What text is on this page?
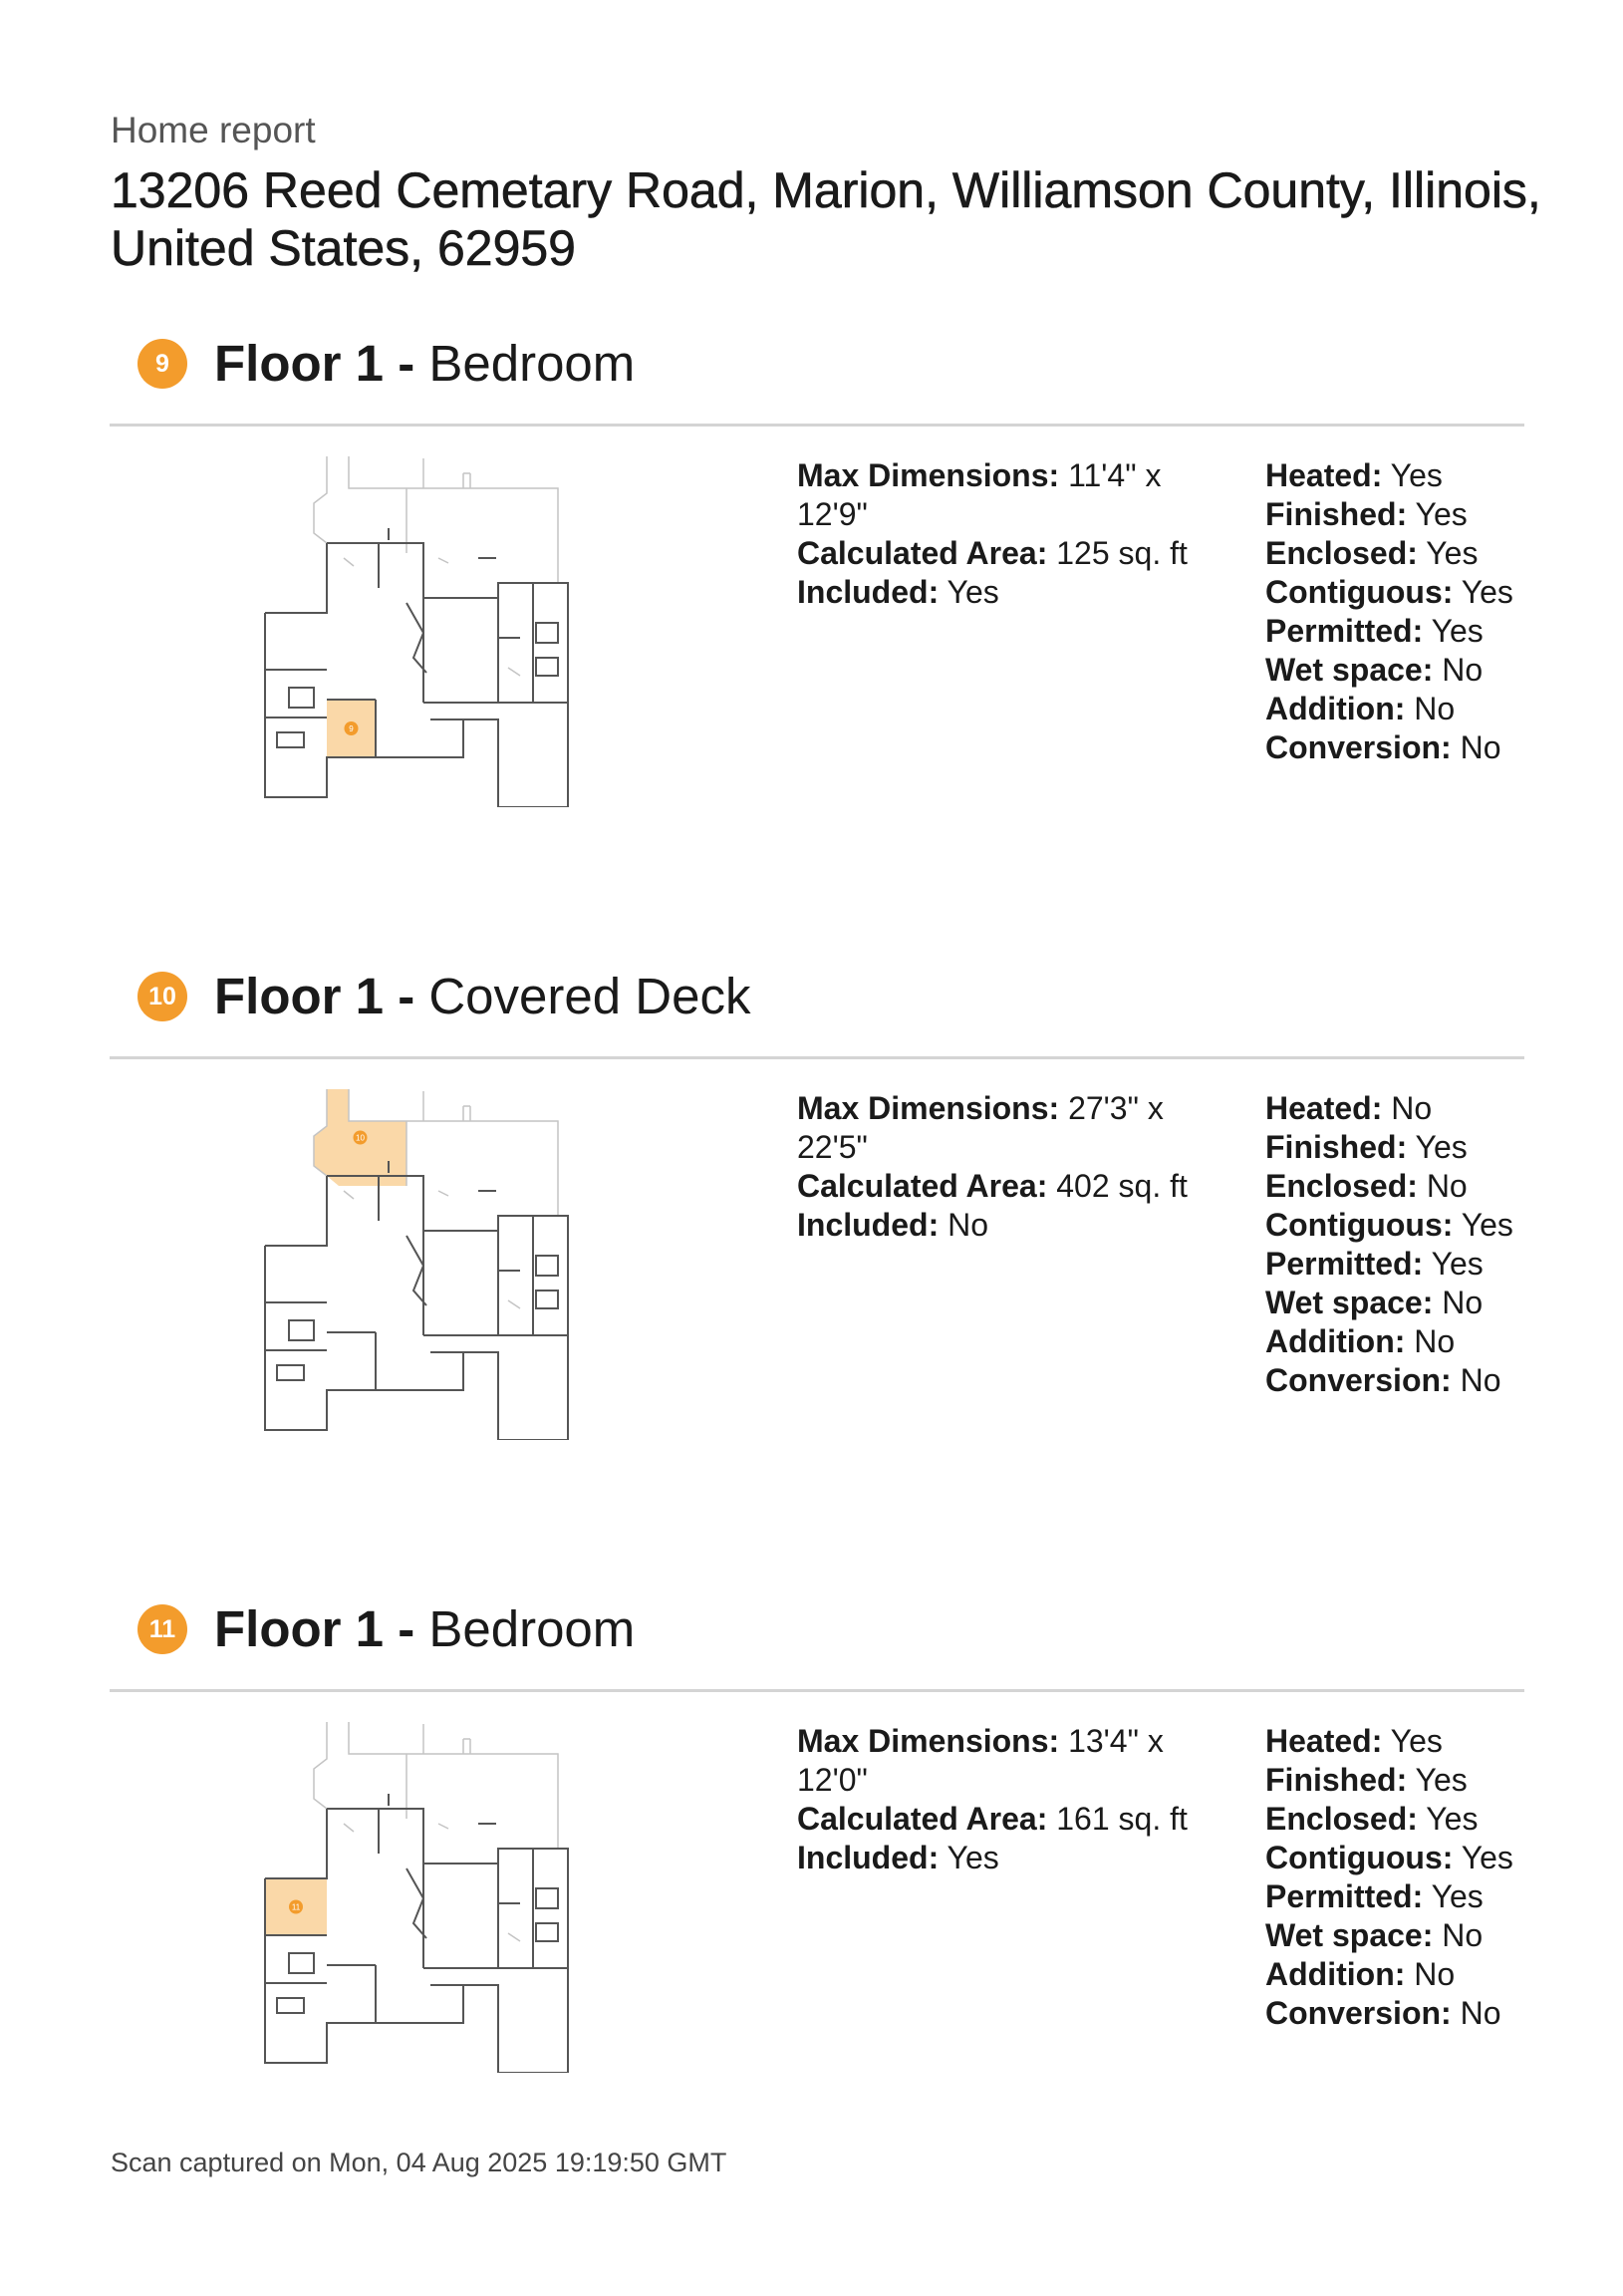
Home report
13206 Reed Cemetary Road, Marion, Williamson County, Illinois, United States, 62959
9 Floor 1 - Bedroom
9
Max Dimensions: 11'4" x 12'9"
Calculated Area: 125 sq. ft
Included: Yes
Heated: Yes
Finished: Yes
Enclosed: Yes
Contiguous: Yes
Permitted: Yes
Wet space: No
Addition: No
Conversion: No
10 Floor 1 - Covered Deck
10
Max Dimensions: 27'3" x 22'5"
Calculated Area: 402 sq. ft
Included: No
Heated: No
Finished: Yes
Enclosed: No
Contiguous: Yes
Permitted: Yes
Wet space: No
Addition: No
Conversion: No
11 Floor 1 - Bedroom
11
Max Dimensions: 13'4" x 12'0"
Calculated Area: 161 sq. ft
Included: Yes
Heated: Yes
Finished: Yes
Enclosed: Yes
Contiguous: Yes
Permitted: Yes
Wet space: No
Addition: No
Conversion: No
Scan captured on Mon, 04 Aug 2025 19:19:50 GMT
